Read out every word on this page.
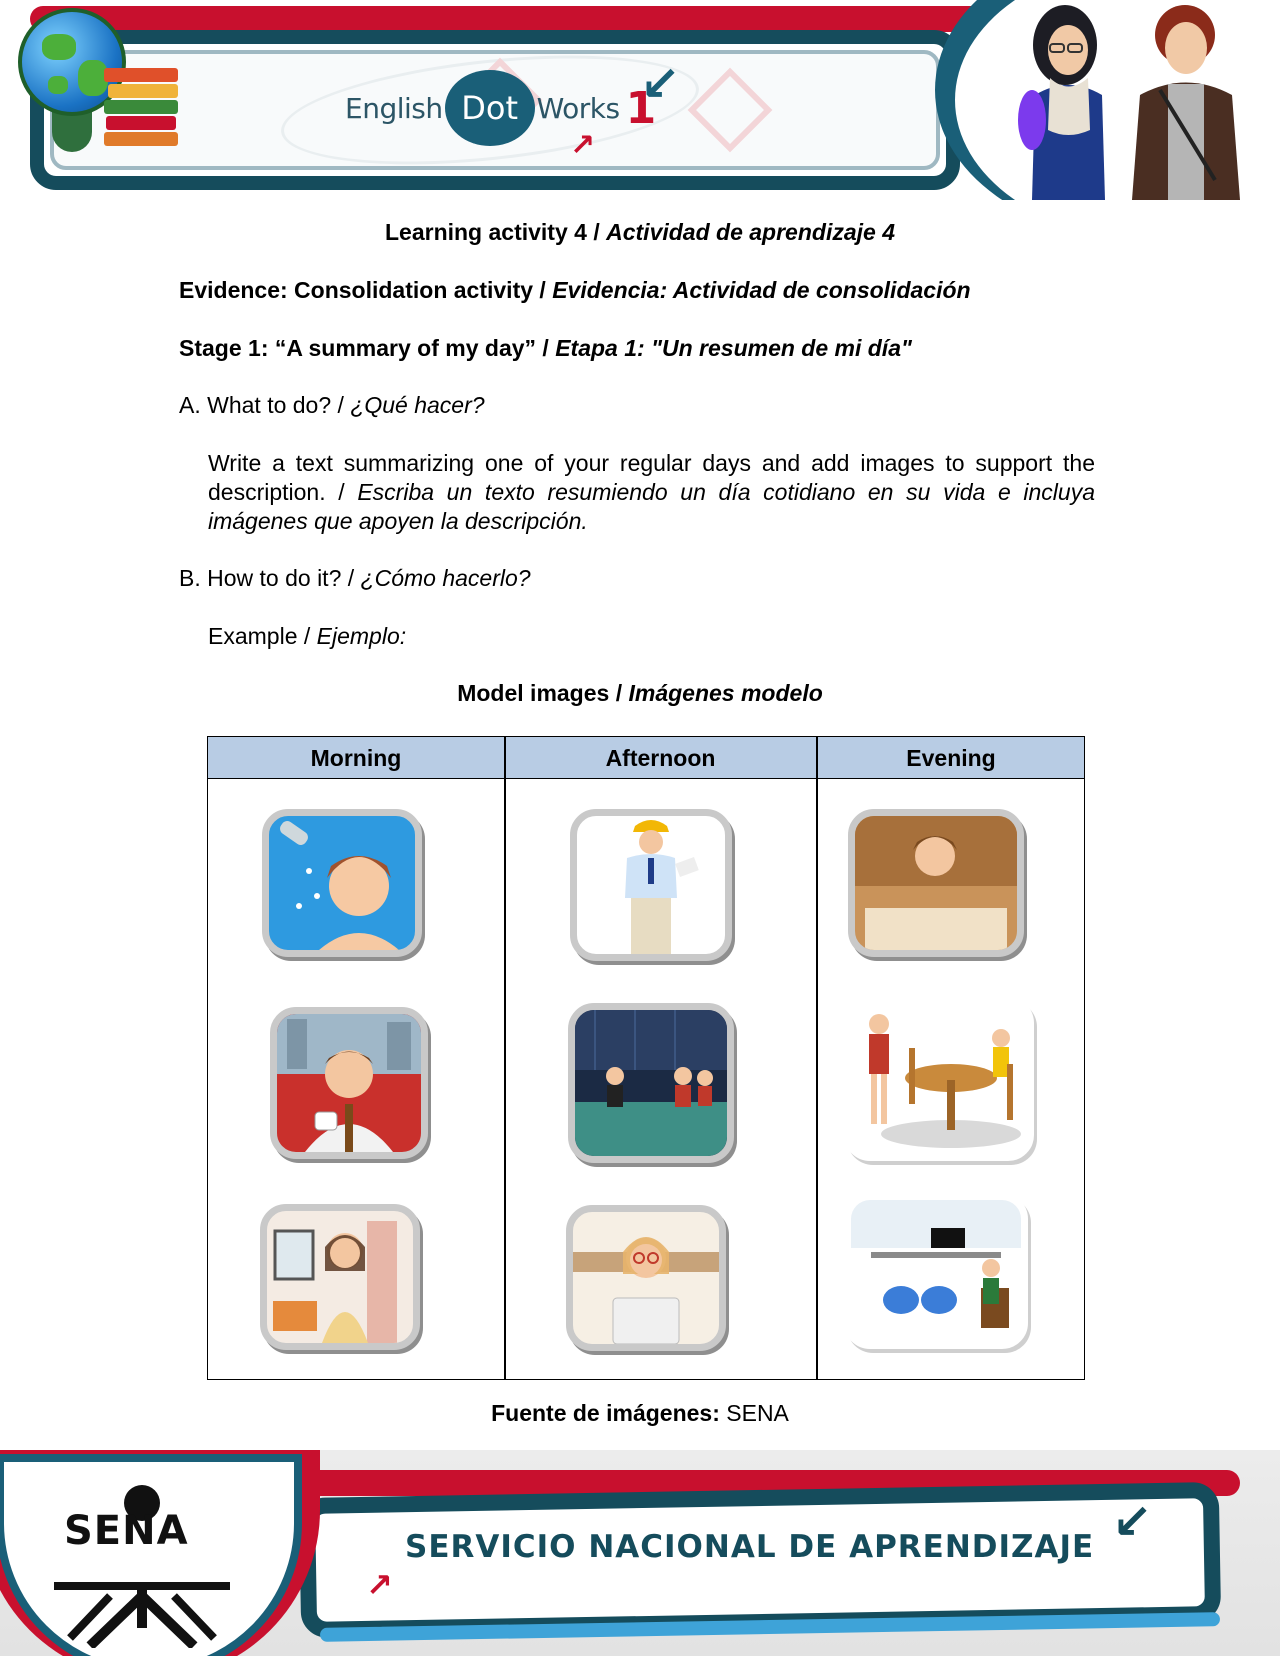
English Dot Works 1
↙
↗
Learning activity 4 / Actividad de aprendizaje 4
Evidence: Consolidation activity / Evidencia: Actividad de consolidación
Stage 1: “A summary of my day” / Etapa 1: "Un resumen de mi día"
A. What to do? / ¿Qué hacer?
Write a text summarizing one of your regular days and add images to support the description. / Escriba un texto resumiendo un día cotidiano en su vida e incluya imágenes que apoyen la descripción.
B. How to do it? / ¿Cómo hacerlo?
Example / Ejemplo:
Model images / Imágenes modelo
Fuente de imágenes: SENA
Morning	Afternoon	Evening
SENA	SERVICIO NACIONAL DE APRENDIZAJE ↙
↗
